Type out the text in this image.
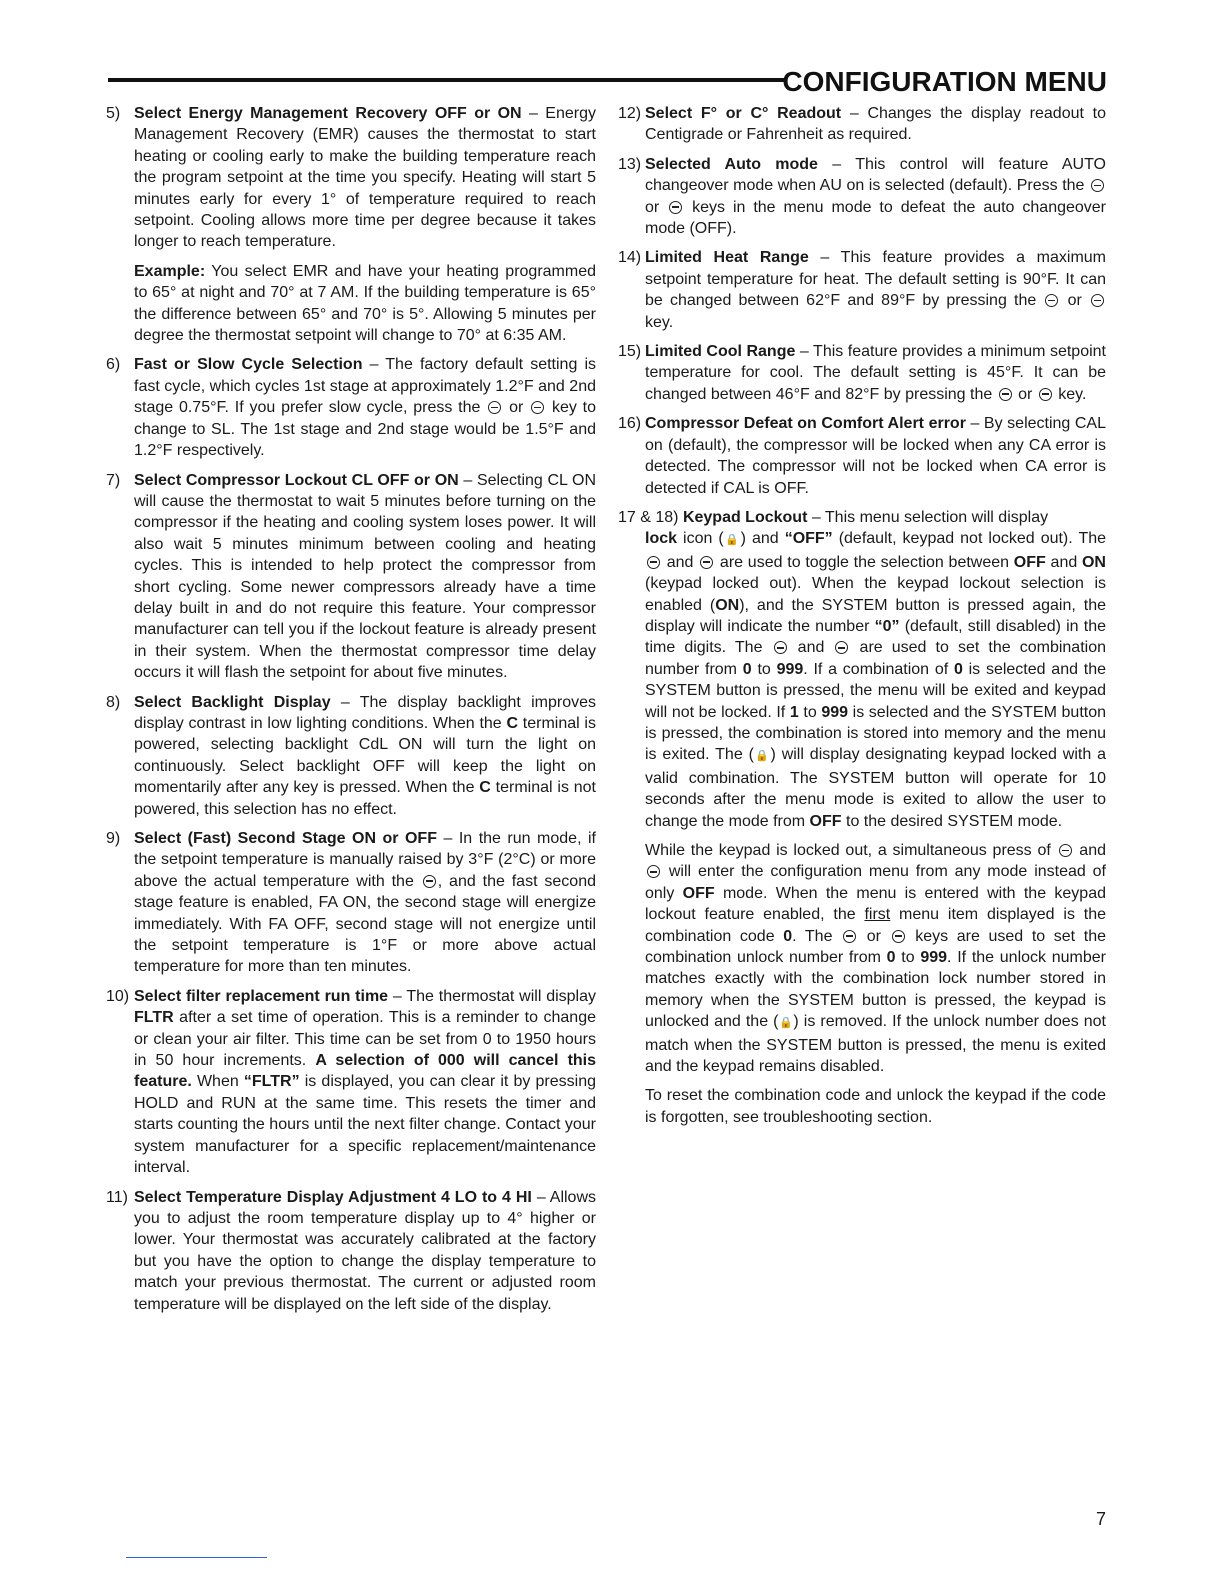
CONFIGURATION MENU
5) Select Energy Management Recovery OFF or ON – Energy Management Recovery (EMR) causes the thermostat to start heating or cooling early to make the building temperature reach the program setpoint at the time you specify. Heating will start 5 minutes early for every 1° of temperature required to reach setpoint. Cooling allows more time per degree because it takes longer to reach temperature.

Example: You select EMR and have your heating programmed to 65° at night and 70° at 7 AM. If the building temperature is 65° the difference between 65° and 70° is 5°. Allowing 5 minutes per degree the thermostat setpoint will change to 70° at 6:35 AM.

6) Fast or Slow Cycle Selection – The factory default setting is fast cycle, which cycles 1st stage at approximately 1.2°F and 2nd stage 0.75°F. If you prefer slow cycle, press the  or  key to change to SL. The 1st stage and 2nd stage would be 1.5°F and 1.2°F respectively.

7) Select Compressor Lockout CL OFF or ON – Selecting CL ON will cause the thermostat to wait 5 minutes before turning on the compressor if the heating and cooling system loses power. It will also wait 5 minutes minimum between cooling and heating cycles. This is intended to help protect the compressor from short cycling. Some newer compressors already have a time delay built in and do not require this feature. Your compressor manufacturer can tell you if the lockout feature is already present in their system. When the thermostat compressor time delay occurs it will flash the setpoint for about five minutes.

8) Select Backlight Display – The display backlight improves display contrast in low lighting conditions. When the C terminal is powered, selecting backlight CdL ON will turn the light on continuously. Select backlight OFF will keep the light on momentarily after any key is pressed. When the C terminal is not powered, this selection has no effect.

9) Select (Fast) Second Stage ON or OFF – In the run mode, if the setpoint temperature is manually raised by 3°F (2°C) or more above the actual temperature with the , and the fast second stage feature is enabled, FA ON, the second stage will energize immediately. With FA OFF, second stage will not energize until the setpoint temperature is 1°F or more above actual temperature for more than ten minutes.

10) Select filter replacement run time – The thermostat will display FLTR after a set time of operation. This is a reminder to change or clean your air filter. This time can be set from 0 to 1950 hours in 50 hour increments. A selection of 000 will cancel this feature. When “FLTR” is displayed, you can clear it by pressing HOLD and RUN at the same time. This resets the timer and starts counting the hours until the next filter change. Contact your system manufacturer for a specific replacement/maintenance interval.

11) Select Temperature Display Adjustment 4 LO to 4 HI – Allows you to adjust the room temperature display up to 4° higher or lower. Your thermostat was accurately calibrated at the factory but you have the option to change the display temperature to match your previous thermostat. The current or adjusted room temperature will be displayed on the left side of the display.

12) Select F° or C° Readout – Changes the display readout to Centigrade or Fahrenheit as required.

13) Selected Auto mode – This control will feature AUTO changeover mode when AU on is selected (default). Press the  or  keys in the menu mode to defeat the auto changeover mode (OFF).

14) Limited Heat Range – This feature provides a maximum setpoint temperature for heat. The default setting is 90°F. It can be changed between 62°F and 89°F by pressing the  or  key.

15) Limited Cool Range – This feature provides a minimum setpoint temperature for cool. The default setting is 45°F. It can be changed between 46°F and 82°F by pressing the  or  key.

16) Compressor Defeat on Comfort Alert error – By selecting CAL on (default), the compressor will be locked when any CA error is detected. The compressor will not be locked when CA error is detected if CAL is OFF.

17 & 18) Keypad Lockout – This menu selection will display

lock icon (🔒) and “OFF” (default, keypad not locked out). The  and  are used to toggle the selection between OFF and ON (keypad locked out). When the keypad lockout selection is enabled (ON), and the SYSTEM button is pressed again, the display will indicate the number “0” (default, still disabled) in the time digits. The  and  are used to set the combination number from 0 to 999. If a combination of 0 is selected and the SYSTEM button is pressed, the menu will be exited and keypad will not be locked. If 1 to 999 is selected and the SYSTEM button is pressed, the combination is stored into memory and the menu is exited. The (🔒) will display designating keypad locked with a valid combination. The SYSTEM button will operate for 10 seconds after the menu mode is exited to allow the user to change the mode from OFF to the desired SYSTEM mode.

While the keypad is locked out, a simultaneous press of  and  will enter the configuration menu from any mode instead of only OFF mode. When the menu is entered with the keypad lockout feature enabled, the first menu item displayed is the combination code 0. The  or  keys are used to set the combination unlock number from 0 to 999. If the unlock number matches exactly with the combination lock number stored in memory when the SYSTEM button is pressed, the keypad is unlocked and the (🔒) is removed. If the unlock number does not match when the SYSTEM button is pressed, the menu is exited and the keypad remains disabled.

To reset the combination code and unlock the keypad if the code is forgotten, see troubleshooting section.

7
